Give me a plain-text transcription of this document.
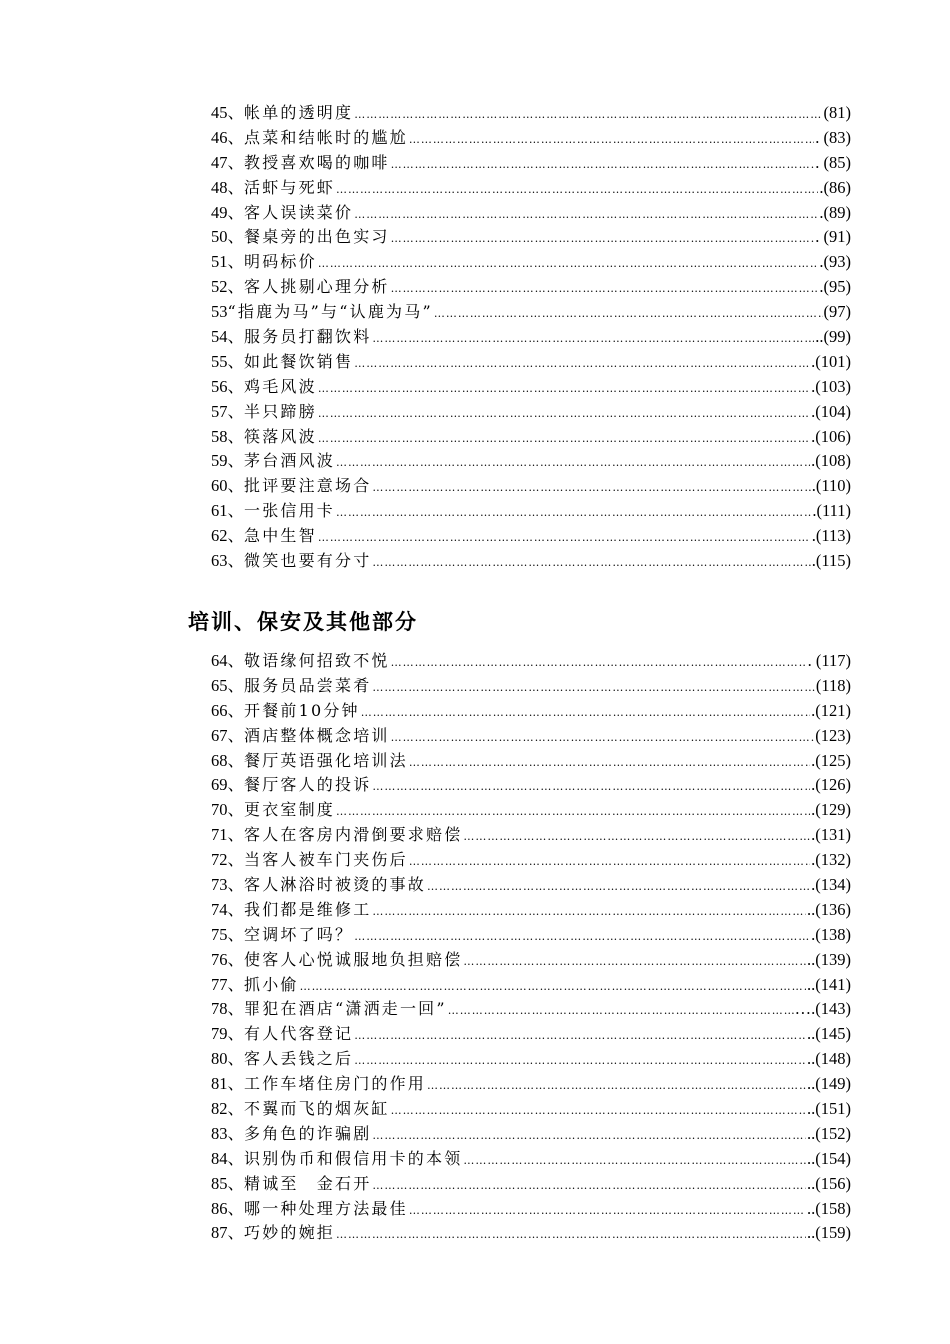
45、 帐单的透明度 ………………………………………………………………………………………………………………………………………………………………………………	(81)
46、 点菜和结帐时的尴尬 ………………………………………………………………………………………………………………………………………………………………………………	. (83)
47、 教授喜欢喝的咖啡 ………………………………………………………………………………………………………………………………………………………………………………	. (85)
48、 活虾与死虾 ………………………………………………………………………………………………………………………………………………………………………………	.(86)
49、 客人误读菜价 ………………………………………………………………………………………………………………………………………………………………………………	.(89)
50、 餐桌旁的出色实习 ………………………………………………………………………………………………………………………………………………………………………………	. (91)
51、 明码标价 ………………………………………………………………………………………………………………………………………………………………………………	.(93)
52、 客人挑剔心理分析 ………………………………………………………………………………………………………………………………………………………………………………	.(95)
53 “指鹿为马”与“认鹿为马” ………………………………………………………………………………………………………………………………………………………………………………	(97)
54、 服务员打翻饮料 ………………………………………………………………………………………………………………………………………………………………………………	..(99)
55、 如此餐饮销售 ………………………………………………………………………………………………………………………………………………………………………………	.(101)
56、 鸡毛风波 ………………………………………………………………………………………………………………………………………………………………………………	.(103)
57、 半只蹄膀 ………………………………………………………………………………………………………………………………………………………………………………	.(104)
58、 筷落风波 ………………………………………………………………………………………………………………………………………………………………………………	.(106)
59、 茅台酒风波 ………………………………………………………………………………………………………………………………………………………………………………	.(108)
60、 批评要注意场合 ………………………………………………………………………………………………………………………………………………………………………………	.(110)
61、 一张信用卡 ………………………………………………………………………………………………………………………………………………………………………………	.(111)
62、 急中生智 ………………………………………………………………………………………………………………………………………………………………………………	.(113)
63、 微笑也要有分寸 ………………………………………………………………………………………………………………………………………………………………………………	.(115)
培训、保安及其他部分
64、 敬语缘何招致不悦 ………………………………………………………………………………………………………………………………………………………………………………	. (117)
65、 服务员品尝菜肴 ………………………………………………………………………………………………………………………………………………………………………………	(118)
66、 开餐前10分钟 ………………………………………………………………………………………………………………………………………………………………………………	.(121)
67、 酒店整体概念培训 ………………………………………………………………………………………………………………………………………………………………………………	(123)
68、 餐厅英语强化培训法 ………………………………………………………………………………………………………………………………………………………………………………	.(125)
69、 餐厅客人的投诉 ………………………………………………………………………………………………………………………………………………………………………………	.(126)
70、 更衣室制度 ………………………………………………………………………………………………………………………………………………………………………………	.(129)
71、 客人在客房内滑倒要求赔偿 ………………………………………………………………………………………………………………………………………………………………………………	.(131)
72、 当客人被车门夹伤后 ………………………………………………………………………………………………………………………………………………………………………………	.(132)
73、 客人淋浴时被烫的事故 ………………………………………………………………………………………………………………………………………………………………………………	.(134)
74、 我们都是维修工 ………………………………………………………………………………………………………………………………………………………………………………	..(136)
75、 空调坏了吗？ ………………………………………………………………………………………………………………………………………………………………………………	.(138)
76、 使客人心悦诚服地负担赔偿 ………………………………………………………………………………………………………………………………………………………………………………	..(139)
77、 抓小偷 ………………………………………………………………………………………………………………………………………………………………………………	..(141)
78、 罪犯在酒店“潇洒走一回” ………………………………………………………………………………………………………………………………………………………………………………	….(143)
79、 有人代客登记 ………………………………………………………………………………………………………………………………………………………………………………	..(145)
80、 客人丢钱之后 ………………………………………………………………………………………………………………………………………………………………………………	..(148)
81、 工作车堵住房门的作用 ………………………………………………………………………………………………………………………………………………………………………………	..(149)
82、 不翼而飞的烟灰缸 ………………………………………………………………………………………………………………………………………………………………………………	..(151)
83、 多角色的诈骗剧 ………………………………………………………………………………………………………………………………………………………………………………	..(152)
84、 识别伪币和假信用卡的本领 ………………………………………………………………………………………………………………………………………………………………………………	..(154)
85、 精诚至　金石开 ………………………………………………………………………………………………………………………………………………………………………………	..(156)
86、 哪一种处理方法最佳 ………………………………………………………………………………………………………………………………………………………………………………	..(158)
87、 巧妙的婉拒 ………………………………………………………………………………………………………………………………………………………………………………	..(159)
